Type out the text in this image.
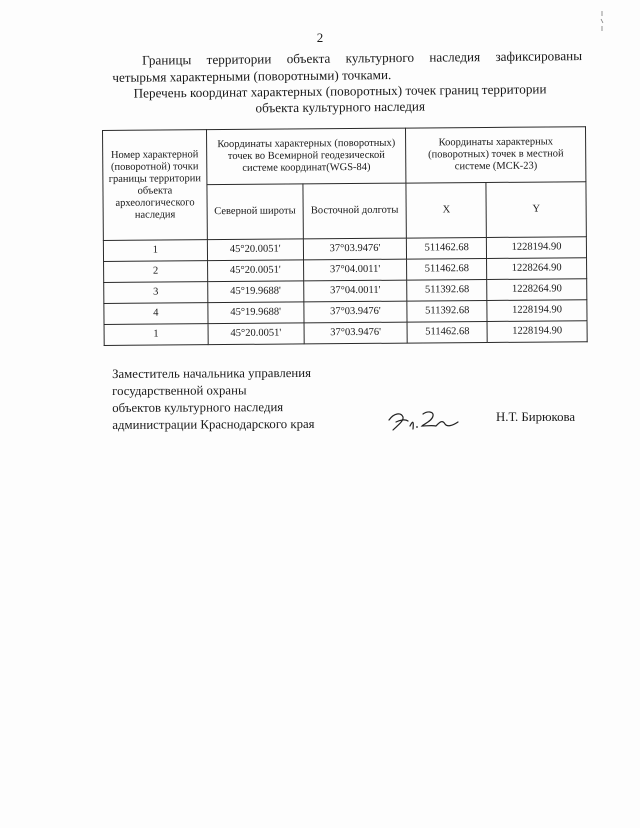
2
Границы территории объекта культурного наследия зафиксированы
четырьмя характерными (поворотными) точками.
Перечень координат характерных (поворотных) точек границ территории
объекта культурного наследия
Номер характерной (поворотной) точки границы территории объекта археологического наследия	Координаты характерных (поворотных) точек во Всемирной геодезической системе координат(WGS-84)		Координаты характерных (поворотных) точек в местной системе (МСК-23)	
	Северной широты	Восточной долготы	X	Y
1	45°20.0051'	37°03.9476'	511462.68	1228194.90
2	45°20.0051'	37°04.0011'	511462.68	1228264.90
3	45°19.9688'	37°04.0011'	511392.68	1228264.90
4	45°19.9688'	37°03.9476'	511392.68	1228194.90
1	45°20.0051'	37°03.9476'	511462.68	1228194.90
Заместитель начальника управления
государственной охраны
объектов культурного наследия
администрации Краснодарского края	Н.Т. Бирюкова
